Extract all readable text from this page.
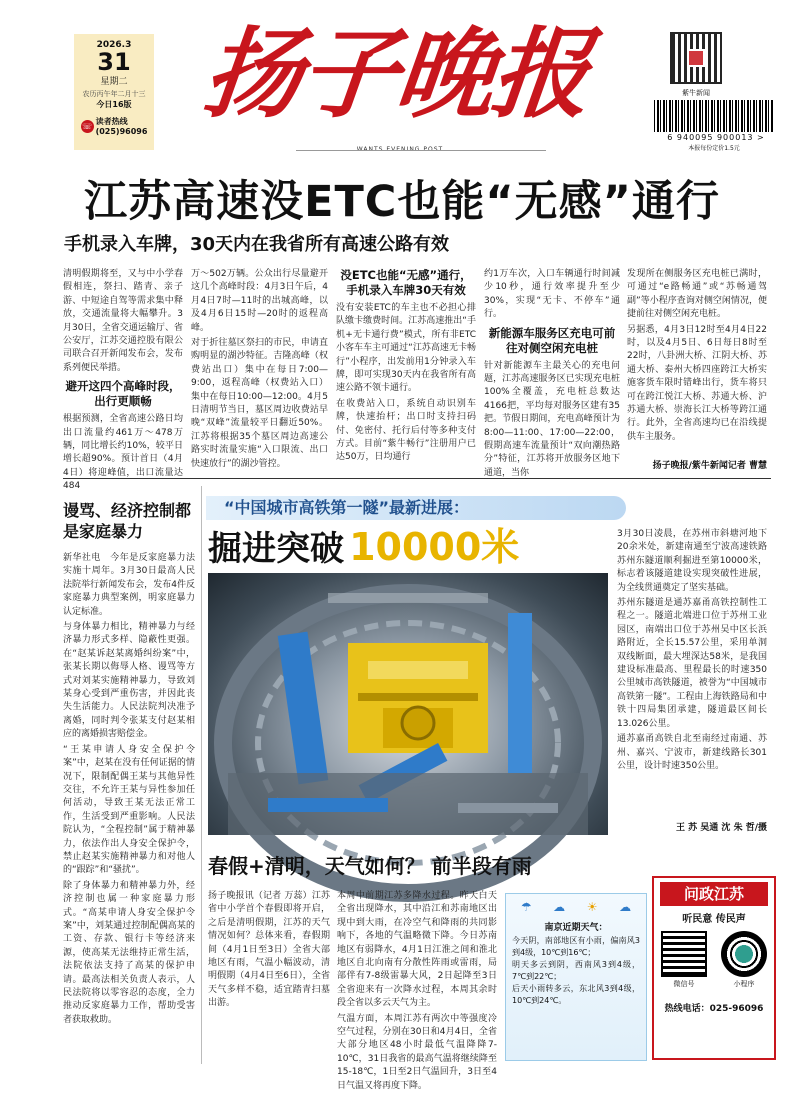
2026.3
31
星期二
农历丙午年二月十三
今日16版
☏ 读者热线
(025)96096 扬子晚报	紫牛新闻
6 940095 900013 >
本报每份定价1.5元
江苏高速没ETC也能“无感”通行
手机录入车牌，30天内在我省所有高速公路有效

清明假期将至，又与中小学春假相连，祭扫、踏青、亲子游、中短途自驾等需求集中释放，交通流量将大幅攀升。3月30日，全省交通运输厅、省公安厅，江苏交通控股有限公司联合召开新闻发布会，发布系列便民举措。

避开这四个高峰时段，出行更顺畅

根据预测，全省高速公路日均出口流量约461万～478万辆，同比增长约10%，较平日增长超90%。预计首日（4月4日）将迎峰值，出口流量达484

万～502万辆。公众出行尽量避开这几个高峰时段：4月3日午后，4月4日7时—11时的出城高峰，以及4月6日15时—20时的返程高峰。

对于折往墓区祭扫的市民，申请直购明显的湖沙特征。吉隆高峰（权费站出口）集中在每日7:00—9:00，返程高峰（权费站入口）集中在每日10:00—12:00。4月5日清明节当日，墓区周边收费站早晚“双峰”流量较平日翻近50%。江苏将根据35个墓区周边高速公路实时流量实施“入口限流、出口快速放行”的湖沙管控。

没ETC也能“无感”通行，手机录入车牌30天有效

没有安装ETC的车主也不必担心排队缴卡缴费时间。江苏高速推出“手机+无卡通行费”模式，所有非ETC小客车车主可通过“江苏高速无卡畅行”小程序，出发前用1分钟录入车牌，即可实现30天内在我省所有高速公路不领卡通行。

在收费站入口，系统自动识别车牌，快速抬杆；出口时支持扫码付、免密付、托行后付等多种支付方式。目前“紫牛畅行”注册用户已达50万，日均通行

约1万车次，入口车辆通行时间减少10秒，通行效率提升至少30%，实现“无卡、不停车”通行。

新能源车服务区充电可前往对侧空闲充电桩

针对新能源车主最关心的充电问题，江苏高速服务区已实现充电桩100%全覆盖，充电桩总数达4166把，平均每对服务区建有35把。节假日期间，充电高峰预计为8:00—11:00、17:00—22:00，假期高速车流量预计“双向潮热路分”特征，江苏将开放服务区地下通道，当你

发现所在侧服务区充电桩已满时，可通过“e路畅通”或“苏畅通驾副”等小程序查询对侧空闲情况，便捷前往对侧空闲充电桩。

另据悉，4月3日12时至4月4日22时，以及4月5日、6日每日8时至22时，八卦洲大桥、江阴大桥、苏通大桥、泰州大桥四座跨江大桥实施客货车限时错峰出行，货车将只可在跨江悦江大桥、苏通大桥、沪苏通大桥、崇海长江大桥等跨江通行。此外，全省高速均已在沿线提供车主服务。

扬子晚报/紫牛新闻记者 曹慧
谩骂、经济控制都是家庭暴力

新华社电　今年是反家庭暴力法实施十周年。3月30日最高人民法院举行新闻发布会，发布4件反家庭暴力典型案例，明家庭暴力认定标准。

与身体暴力相比，精神暴力与经济暴力形式多样、隐蔽性更强。在“赵某诉赵某离婚纠纷案”中，张某长期以侮辱人格、谩骂等方式对刘某实施精神暴力，导致刘某身心受到严重伤害，并因此丧失生活能力。人民法院判决准予离婚，同时判令张某支付赵某相应的离婚损害赔偿金。

“王某申请人身安全保护令案”中，赵某在没有任何证据的情况下，限制配偶王某与其他异性交往，不允许王某与异性参加任何活动，导致王某无法正常工作，生活受到严重影响。人民法院认为，“全程控制”属于精神暴力，依法作出人身安全保护令，禁止赵某实施精神暴力和对他人的“跟踪”和“骚扰”。

除了身体暴力和精神暴力外，经济控制也属一种家庭暴力形式。“高某申请人身安全保护令案”中，刘某通过控制配偶高某的工资、存款、银行卡等经济来源，使高某无法维持正常生活，法院依法支持了高某的保护申请。最高法相关负责人表示，人民法院将以零容忍的态度，全力推动反家庭暴力工作，帮助受害者获取救助。

“中国城市高铁第一隧”最新进展：
掘进突破 10000米	3月30日凌晨，在苏州市斜塘河地下20余米处，新建南通至宁波高速铁路苏州东隧道顺利掘进至第10000米，标志着该隧道建设实现突破性进展，为全线贯通奠定了坚实基础。

苏州东隧道是通苏嘉甬高铁控制性工程之一。隧道北端进口位于苏州工业园区，南端出口位于苏州吴中区长浜路附近，全长15.57公里，采用单洞双线断面，最大埋深达58米，是我国建设标准最高、里程最长的时速350公里城市高铁隧道，被誉为“中国城市高铁第一隧”。工程由上海铁路局和中铁十四局集团承建，隧道最区间长13.026公里。

通苏嘉甬高铁自北至南经过南通、苏州、嘉兴、宁波市，新建线路长301公里，设计时速350公里。

王 苏 吴通 沈 朱 哲/摄
春假+清明，天气如何？ 前半段有雨

扬子晚报讯（记者 万蕊）江苏省中小学首个春假即将开启，之后是清明假期，江苏的天气情况如何？总体来看，春假期间（4月1日至3日）全省大部地区有雨，气温小幅波动，清明假期（4月4日至6日），全省天气多样不稳，适宜踏青扫墓出游。

本周中前期江苏多降水过程。昨天白天全省出现降水，其中沿江和苏南地区出现中到大雨，在冷空气和降雨的共同影响下，各地的气温略微下降。今日苏南地区有弱降水，4月1日江淮之间和淮北地区自北向南有分散性阵雨或雷雨，局部伴有7-8级雷暴大风，2日起降至3日全省迎来有一次降水过程，本周其余时段全省以多云天气为主。

气温方面，本周江苏有两次中等强度冷空气过程，分别在30日和4月4日，全省大部分地区48小时最低气温降降7-10℃，31日我省的最高气温将继续降至15-18℃，1日至2日气温回升，3日至4日气温又将再度下降。

☂ ☁ ☀ ☁
南京近期天气：

今天阴，南部地区有小雨，偏南风3到4级，10℃到16℃；

明天多云到阴，西南风3到4级，7℃到22℃；

后天小雨转多云，东北风3到4级，10℃到24℃。

问政江苏
听民意 传民声
微信号	小程序
热线电话：025-96096
